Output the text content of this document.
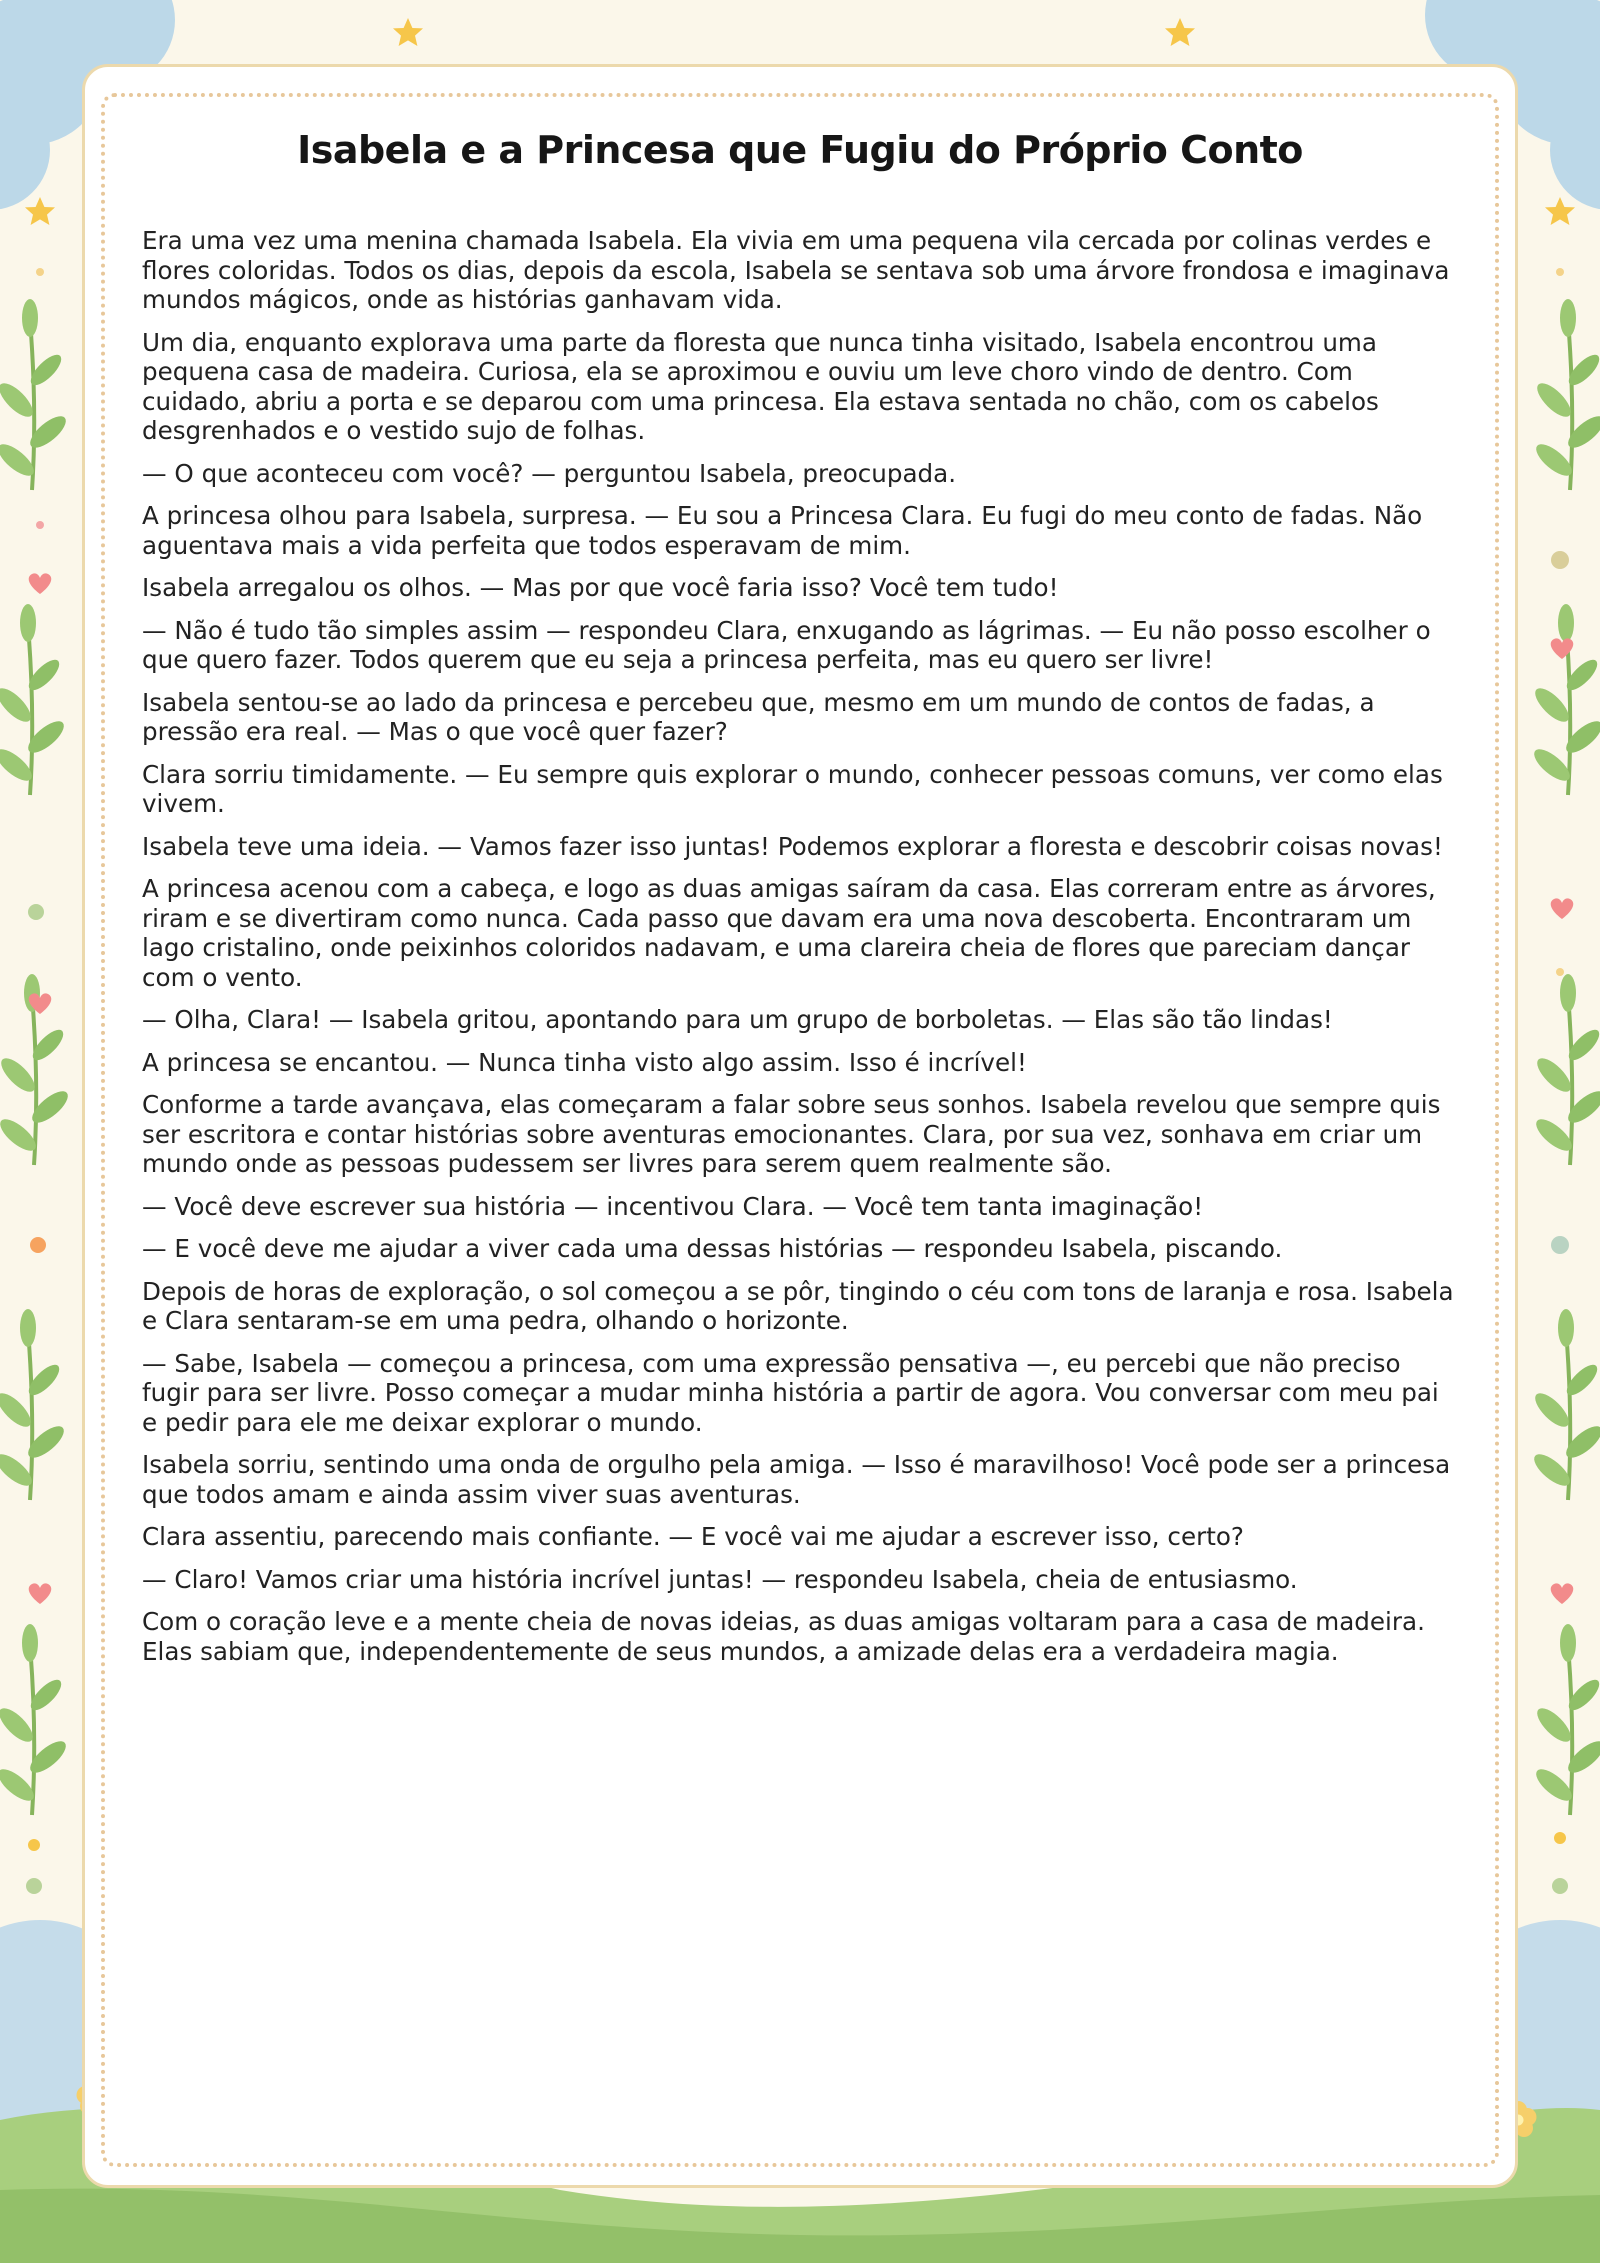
Isabela e a Princesa que Fugiu do Próprio Conto

Era uma vez uma menina chamada Isabela. Ela vivia em uma pequena vila cercada por colinas verdes e flores coloridas. Todos os dias, depois da escola, Isabela se sentava sob uma árvore frondosa e imaginava mundos mágicos, onde as histórias ganhavam vida.

Um dia, enquanto explorava uma parte da floresta que nunca tinha visitado, Isabela encontrou uma pequena casa de madeira. Curiosa, ela se aproximou e ouviu um leve choro vindo de dentro. Com cuidado, abriu a porta e se deparou com uma princesa. Ela estava sentada no chão, com os cabelos desgrenhados e o vestido sujo de folhas.

— O que aconteceu com você? — perguntou Isabela, preocupada.

A princesa olhou para Isabela, surpresa. — Eu sou a Princesa Clara. Eu fugi do meu conto de fadas. Não aguentava mais a vida perfeita que todos esperavam de mim.

Isabela arregalou os olhos. — Mas por que você faria isso? Você tem tudo!

— Não é tudo tão simples assim — respondeu Clara, enxugando as lágrimas. — Eu não posso escolher o que quero fazer. Todos querem que eu seja a princesa perfeita, mas eu quero ser livre!

Isabela sentou-se ao lado da princesa e percebeu que, mesmo em um mundo de contos de fadas, a pressão era real. — Mas o que você quer fazer?

Clara sorriu timidamente. — Eu sempre quis explorar o mundo, conhecer pessoas comuns, ver como elas vivem.

Isabela teve uma ideia. — Vamos fazer isso juntas! Podemos explorar a floresta e descobrir coisas novas!

A princesa acenou com a cabeça, e logo as duas amigas saíram da casa. Elas correram entre as árvores, riram e se divertiram como nunca. Cada passo que davam era uma nova descoberta. Encontraram um lago cristalino, onde peixinhos coloridos nadavam, e uma clareira cheia de flores que pareciam dançar com o vento.

— Olha, Clara! — Isabela gritou, apontando para um grupo de borboletas. — Elas são tão lindas!

A princesa se encantou. — Nunca tinha visto algo assim. Isso é incrível!

Conforme a tarde avançava, elas começaram a falar sobre seus sonhos. Isabela revelou que sempre quis ser escritora e contar histórias sobre aventuras emocionantes. Clara, por sua vez, sonhava em criar um mundo onde as pessoas pudessem ser livres para serem quem realmente são.

— Você deve escrever sua história — incentivou Clara. — Você tem tanta imaginação!

— E você deve me ajudar a viver cada uma dessas histórias — respondeu Isabela, piscando.

Depois de horas de exploração, o sol começou a se pôr, tingindo o céu com tons de laranja e rosa. Isabela e Clara sentaram-se em uma pedra, olhando o horizonte.

— Sabe, Isabela — começou a princesa, com uma expressão pensativa —, eu percebi que não preciso fugir para ser livre. Posso começar a mudar minha história a partir de agora. Vou conversar com meu pai e pedir para ele me deixar explorar o mundo.

Isabela sorriu, sentindo uma onda de orgulho pela amiga. — Isso é maravilhoso! Você pode ser a princesa que todos amam e ainda assim viver suas aventuras.

Clara assentiu, parecendo mais confiante. — E você vai me ajudar a escrever isso, certo?

— Claro! Vamos criar uma história incrível juntas! — respondeu Isabela, cheia de entusiasmo.

Com o coração leve e a mente cheia de novas ideias, as duas amigas voltaram para a casa de madeira. Elas sabiam que, independentemente de seus mundos, a amizade delas era a verdadeira magia.
